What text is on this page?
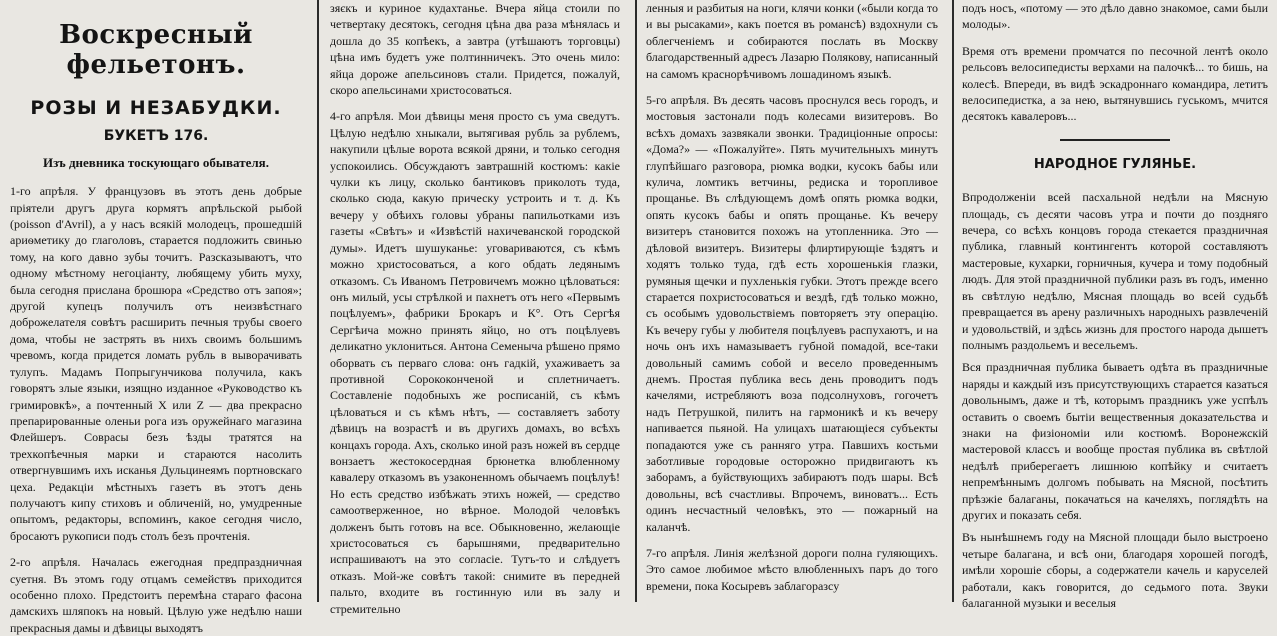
Воскресный фельетонъ.
РОЗЫ И НЕЗАБУДКИ.
БУКЕТЪ 176.
Изъ дневника тоскующаго обывателя.

1-го апрѣля. У французовъ въ этотъ день добрые пріятели другъ друга кормятъ апрѣльской рыбой (poisson d'Avril), а у насъ всякій молодецъ, прошедшій ариѳметику до глаголовъ, старается подложить свинью тому, на кого давно зубы точитъ. Разсказываютъ, что одному мѣстному негоціанту, любящему убить муху, была сегодня прислана брошюра «Средство отъ запоя»; другой купецъ получилъ отъ неизвѣстнаго доброжелателя совѣтъ расширить печныя трубы своего дома, чтобы не застрять въ нихъ своимъ большимъ чревомъ, когда придется ломать рубль в выворачивать тулупъ. Мадамъ Попрыгунчикова получила, какъ говорятъ злые языки, изящно изданное «Руководство къ гримировкѣ», а почтенный X или Z — два прекрасно препарированные оленьи рога изъ оружейнаго магазина Флейшеръ. Совраcы безъ ѣзды тратятся на трехкопѣечныя марки и стараются насолить отвергнувшимъ ихъ исканья Дульцинеямъ портновскаго цеха. Редакціи мѣстныхъ газетъ въ этотъ день получаютъ кипу стиховъ и обличеній, но, умудренные опытомъ, редакторы, вспоминъ, какое сегодня число, бросаютъ рукописи подъ столъ безъ прочтенія.

2-го апрѣля. Началась ежегодная предпраздничная суетня. Въ этомъ году отцамъ семействъ приходится особенно плохо. Предстоитъ перемѣна стараго фасона дамскихъ шляпокъ на новый. Цѣлую уже недѣлю наши прекрасныя дамы и дѣвицы выходятъ

зяєкъ и куриное кудахтанье. Вчера яйца стоили по четвертаку десятокъ, сегодня цѣна два раза мѣнялась и дошла до 35 копѣекъ, а завтра (утѣшаютъ торговцы) цѣна имъ будетъ уже полтинничекъ. Это очень мило: яйца дороже апельсиновъ стали. Придется, пожалуй, скоро апельсинами христосоваться.

4-го апрѣля. Мои дѣвицы меня просто съ ума сведутъ. Цѣлую недѣлю хныкали, вытягивая рубль за рублемъ, накупили цѣлые ворота всякой дряни, и только сегодня успокоились. Обсуждаютъ завтрашній костюмъ: какіе чулки къ лицу, сколько бантиковъ приколоть туда, сколько сюда, какую прическу устроить и т. д. Къ вечеру у обѣихъ головы убраны папильотками изъ газеты «Свѣтъ» и «Извѣстій нахичеванской городской думы». Идетъ шушуканье: уговариваются, съ кѣмъ можно христосоваться, а кого обдать ледянымъ отказомъ. Съ Иваномъ Петровичемъ можно цѣловаться: онъ милый, усы стрѣлкой и пахнетъ отъ него «Первымъ поцѣлуемъ», фабрики Брокаръ и К°. Отъ Сергѣя Сергѣича можно принять яйцо, но отъ поцѣлуевъ деликатно уклониться. Антона Семеныча рѣшено прямо оборвать съ перваго слова: онъ гадкій, ухаживаетъ за противной Сорококонченой и сплетничаетъ. Составленіе подобныхъ же росписаній, съ кѣмъ цѣловаться и съ кѣмъ нѣтъ, — составляетъ заботу дѣвицъ на возрастѣ и въ другихъ домахъ, во всѣхъ концахъ города. Ахъ, сколько иной разъ ножей въ сердце вонзаетъ жестокосердная брюнетка влюбленному кавалеру отказомъ въ узаконенномъ обычаемъ поцѣлуѣ! Но есть средство избѣжать этихъ ножей, — средство самоотверженное, но вѣрное. Молодой человѣкъ долженъ быть готовъ на все. Обыкновенно, желающіе христосоваться съ барышнями, предварительно испрашиваютъ на это согласіе. Тутъ-то и слѣдуетъ отказъ. Мой-же совѣтъ такой: снимите въ передней пальто, входите въ гостинную или въ залу и стремительно

ленныя и разбитыя на ноги, клячи конки («были когда то и вы рысаками», какъ поется въ романсѣ) вздохнули съ облегченіемъ и собираются послать въ Москву благодарственный адресъ Лазарю Полякову, написанный на самомъ краснорѣчивомъ лошадиномъ языкѣ.

5-го апрѣля. Въ десять часовъ проснулся весь городъ, и мостовыя застонали подъ колесами визитеровъ. Во всѣхъ домахъ зазвякали звонки. Традиціонные опросы: «Дома?» — «Пожалуйте». Пять мучительныхъ минутъ глупѣйшаго разговора, рюмка водки, кусокъ бабы или кулича, ломтикъ ветчины, редиска и торопливое прощанье. Въ слѣдующемъ домѣ опять рюмка водки, опять кусокъ бабы и опять прощанье. Къ вечеру визитеръ становится похожъ на утопленника. Это — дѣловой визитеръ. Визитеры флиртирующіе ѣздятъ и ходятъ только туда, гдѣ есть хорошенькія глазки, румяныя щечки и пухленькія губки. Этотъ прежде всего старается похристосоваться и вездѣ, гдѣ только можно, съ особымъ удовольствіемъ повторяетъ эту операцію. Къ вечеру губы у любителя поцѣлуевъ распухаютъ, и на ночь онъ ихъ намазываетъ губной помадой, все-таки довольный самимъ собой и весело проведеннымъ днемъ. Простая публика весь день проводитъ подъ качелями, истребляютъ воза подсолнуховъ, гогочетъ надъ Петрушкой, пилитъ на гармоникѣ и къ вечеру напивается пьяной. На улицахъ шатающіеся субъекты попадаются уже съ ранняго утра. Павшихъ костьми заботливые городовые осторожно придвигаютъ къ заборамъ, а буйствующихъ забираютъ подъ шары. Всѣ довольны, всѣ счастливы. Впрочемъ, виноватъ... Есть одинъ несчастный человѣкъ, это — пожарный на каланчѣ.

7-го апрѣля. Линія желѣзной дороги полна гуляющихъ. Это самое любимое мѣсто влюбленныхъ паръ до того времени, пока Косыревъ заблагоразсу

подъ носъ, «потому — это дѣло давно знакомое, сами были молоды».

Время отъ времени промчатся по песочной лентѣ около рельсовъ велосипедисты верхами на палочкѣ... то бишь, на колесѣ. Впереди, въ видѣ эскадроннаго командира, летитъ велосипедистка, а за нею, вытянувшись гуськомъ, мчится десятокъ кавалеровъ...

НАРОДНОЕ ГУЛЯНЬЕ.

Впродолженіи всей пасхальной недѣли на Мясную площадь, съ десяти часовъ утра и почти до поздняго вечера, со всѣхъ концовъ города стекается праздничная публика, главный контингентъ которой составляютъ мастеровые, кухарки, горничныя, кучера и тому подобный людъ. Для этой праздничной публики разъ въ годъ, именно въ свѣтлую недѣлю, Мясная площадь во всей судьбѣ превращается въ арену различныхъ народныхъ развлеченій и удовольствій, и здѣсь жизнь для простого народа дышетъ полнымъ раздольемъ и весельемъ.

Вся праздничная публика бываетъ одѣта въ праздничные наряды и каждый изъ присутствующихъ старается казаться довольнымъ, даже и тѣ, которымъ праздникъ уже успѣлъ оставить о своемъ бытіи вещественныя доказательства и знаки на физіономіи или костюмѣ. Воронежскій мастеровой классъ и вообще простая публика въ свѣтлой недѣлѣ приберегаетъ лишнюю копѣйку и считаетъ непремѣннымъ долгомъ побывать на Мясной, посѣтить прѣзжіе балаганы, покачаться на качеляхъ, поглядѣть на других и показать себя.

Въ нынѣшнемъ году на Мясной площади было выстроено четыре балагана, и всѣ они, благодаря хорошей погодѣ, имѣли хорошіе сборы, а содержатели качель и каруселей работали, какъ говорится, до седьмого пота. Звуки балаганной музыки и веселыя
